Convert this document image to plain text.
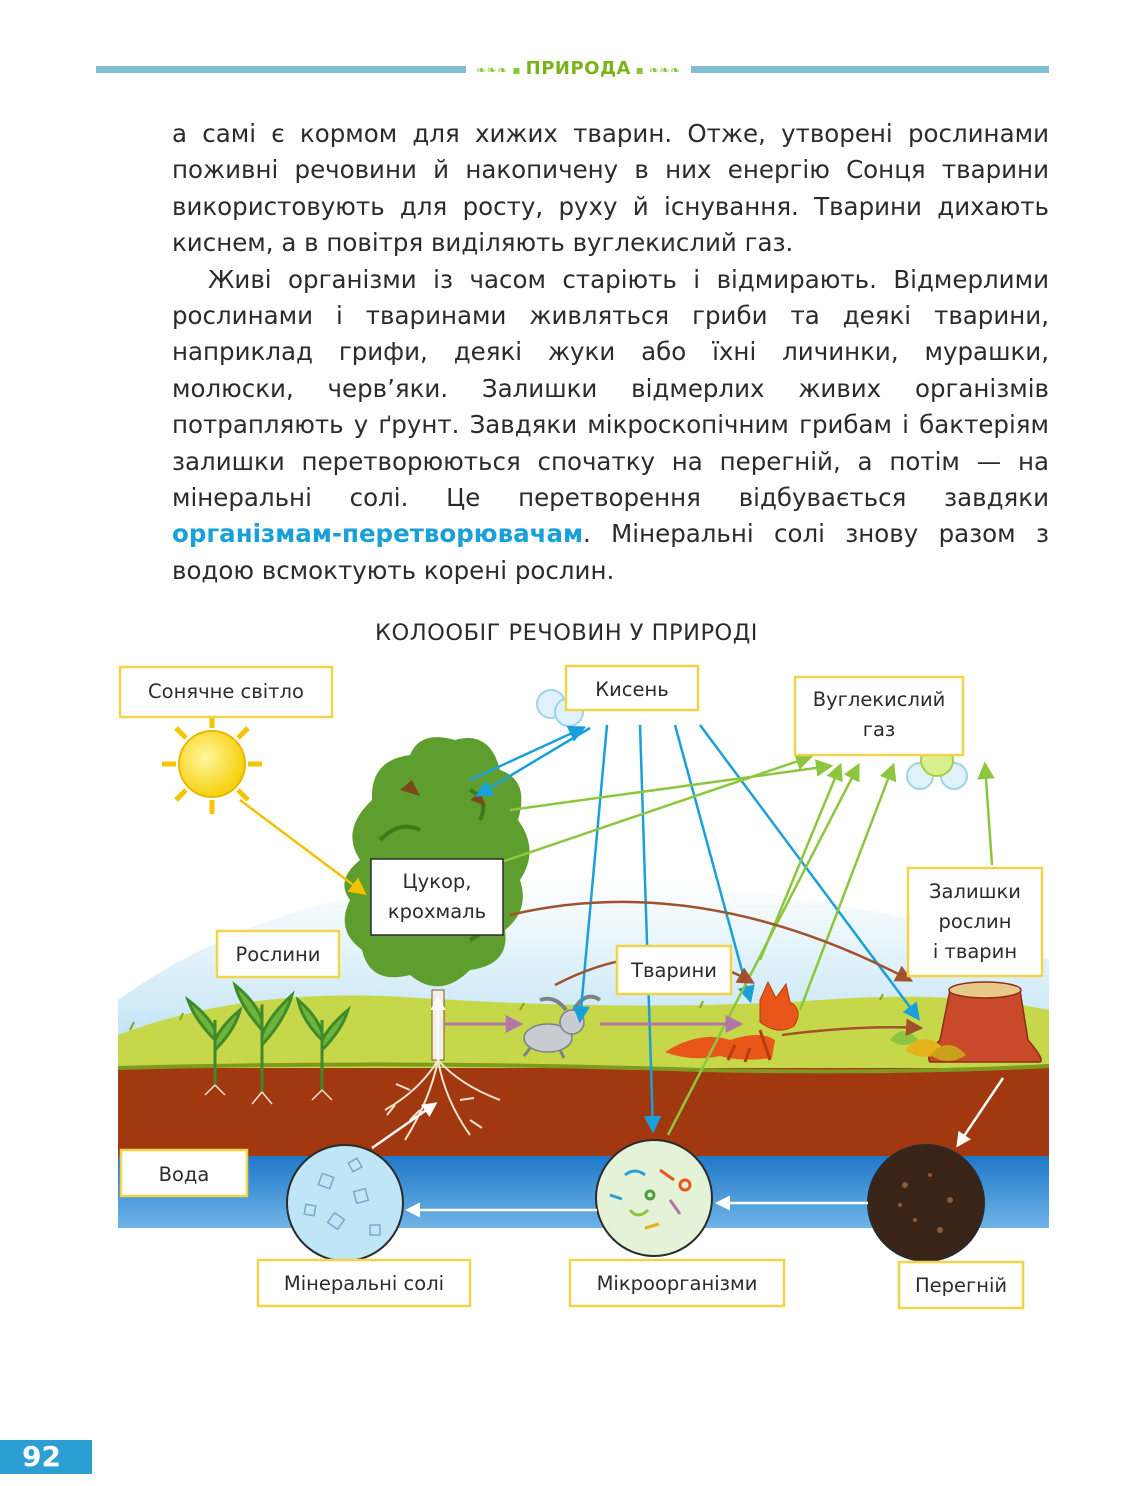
❧❧❧ ▪ ПРИРОДА ▪ ❧❧❧

а самі є кормом для хижих тварин. Отже, утворені рослинами поживні речовини й накопичену в них енергію Сонця тварини використовують для росту, руху й існування. Тварини дихають киснем, а в повітря виділяють вуглекислий газ.

Живі організми із часом старіють і відмирають. Відмерлими рослинами і тваринами живляться гриби та деякі тварини, наприклад грифи, деякі жуки або їхні личинки, мурашки, молюски, черв’яки. Залишки відмерлих живих організмів потрапляють у ґрунт. Завдяки мікроскопічним грибам і бактеріям залишки перетворюються спочатку на перегній, а потім — на мінеральні солі. Це перетворення відбувається завдяки організмам-перетворювачам. Мінеральні солі знову разом з водою всмоктують корені рослин.

КОЛООБІГ РЕЧОВИН У ПРИРОДІ
Сонячне світло	Кисень	Вуглекислий
газ
Цукор,
крохмаль
Рослини
Тварини
Залишки
рослин
і тварин
Вода
Мінеральні солі	Мікроорганізми	Перегній
92
